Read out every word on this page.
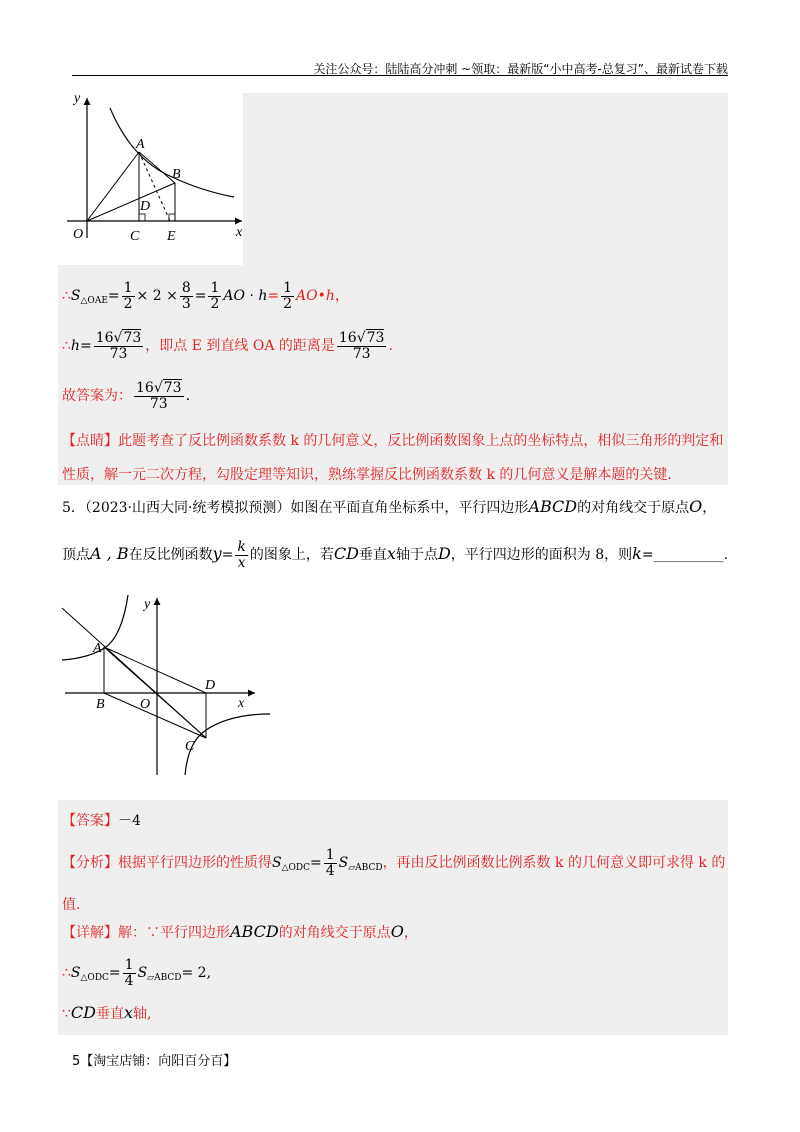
关注公众号：陆陆高分冲刺 ~领取：最新版“小中高考-总复习”、最新试卷下载
y
A
B
D
O	C E	x
$\therefore S_{\triangle OAE}= \frac{1}{2} \times 2 \times \frac{8}{3} = \frac{1}{2}$ AO · $h= \frac{1}{2}$ AO•h，
∴h= $\frac{16√73}{73}$ ，即点 E 到直线 OA 的距离是 $\frac{16√73}{73}$ .
故答案为： $\frac{16√73}{73}$ .
【点睛】此题考查了反比例函数系数 k 的几何意义，反比例函数图象上点的坐标特点，相似三角形的判定和
性质，解一元二次方程，勾股定理等知识，熟练掌握反比例函数系数 k 的几何意义是解本题的关键.
5．（2023·山西大同·统考模拟预测）如图在平面直角坐标系中，平行四边形ABCD的对角线交于原点O，
顶点A , B在反比例函数$y= \frac{k}{x}$ 的图象上，若CD垂直x轴于点D，平行四边形的面积为 8，则k=__________.
y
A
D
x
B	O
C
【答案】－4
【分析】根据平行四边形的性质得$S_{\triangle ODC}= \frac{1}{4} S_{▱ABCD}$，再由反比例函数比例系数 k 的几何意义即可求得 k 的
值.
【详解】解：∵平行四边形ABCD的对角线交于原点O，
$\therefore S_{\triangle ODC}= \frac{1}{4} S_{▱ABCD}= 2$,
∵CD垂直x轴,
5【淘宝店铺：向阳百分百】
